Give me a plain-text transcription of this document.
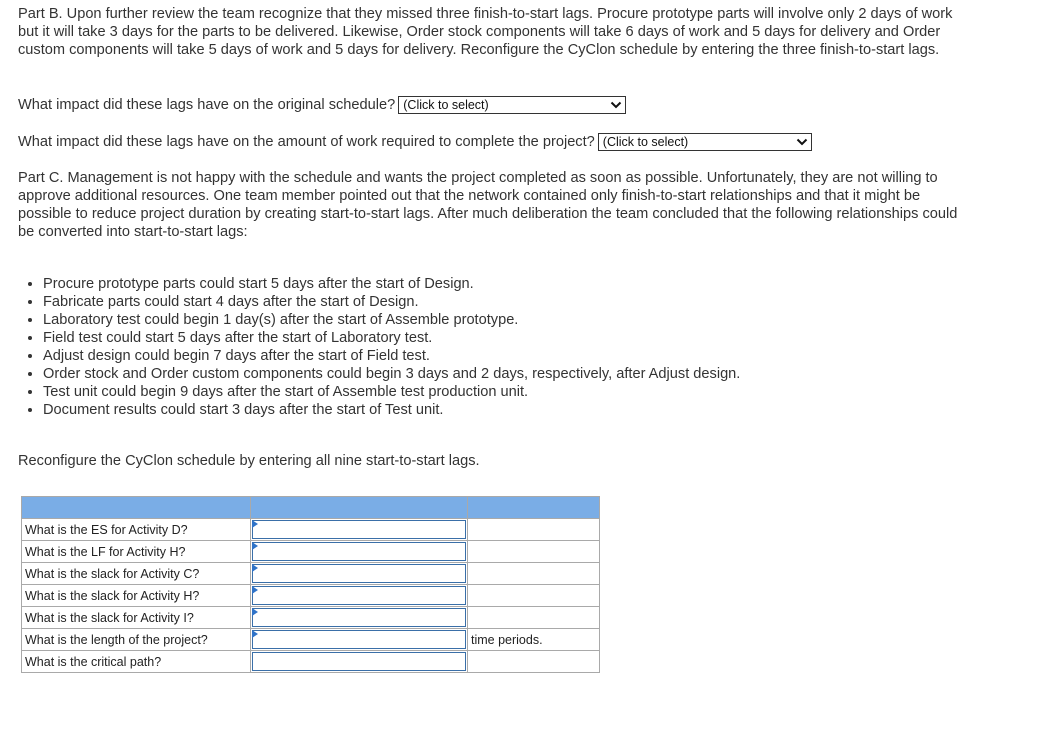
Part B. Upon further review the team recognize that they missed three finish-to-start lags. Procure prototype parts will involve only 2 days of work but it will take 3 days for the parts to be delivered. Likewise, Order stock components will take 6 days of work and 5 days for delivery and Order custom components will take 5 days of work and 5 days for delivery. Reconfigure the CyClon schedule by entering the three finish-to-start lags.
What impact did these lags have on the original schedule? (Click to select)
What impact did these lags have on the amount of work required to complete the project? (Click to select)
Part C. Management is not happy with the schedule and wants the project completed as soon as possible. Unfortunately, they are not willing to approve additional resources. One team member pointed out that the network contained only finish-to-start relationships and that it might be possible to reduce project duration by creating start-to-start lags. After much deliberation the team concluded that the following relationships could be converted into start-to-start lags:
• Procure prototype parts could start 5 days after the start of Design.
• Fabricate parts could start 4 days after the start of Design.
• Laboratory test could begin 1 day(s) after the start of Assemble prototype.
• Field test could start 5 days after the start of Laboratory test.
• Adjust design could begin 7 days after the start of Field test.
• Order stock and Order custom components could begin 3 days and 2 days, respectively, after Adjust design.
• Test unit could begin 9 days after the start of Assemble test production unit.
• Document results could start 3 days after the start of Test unit.
Reconfigure the CyClon schedule by entering all nine start-to-start lags.

What is the ES for Activity D?	

What is the LF for Activity H?	

What is the slack for Activity C?	

What is the slack for Activity H?	

What is the slack for Activity I?	

What is the length of the project?		time periods.
What is the critical path?	
